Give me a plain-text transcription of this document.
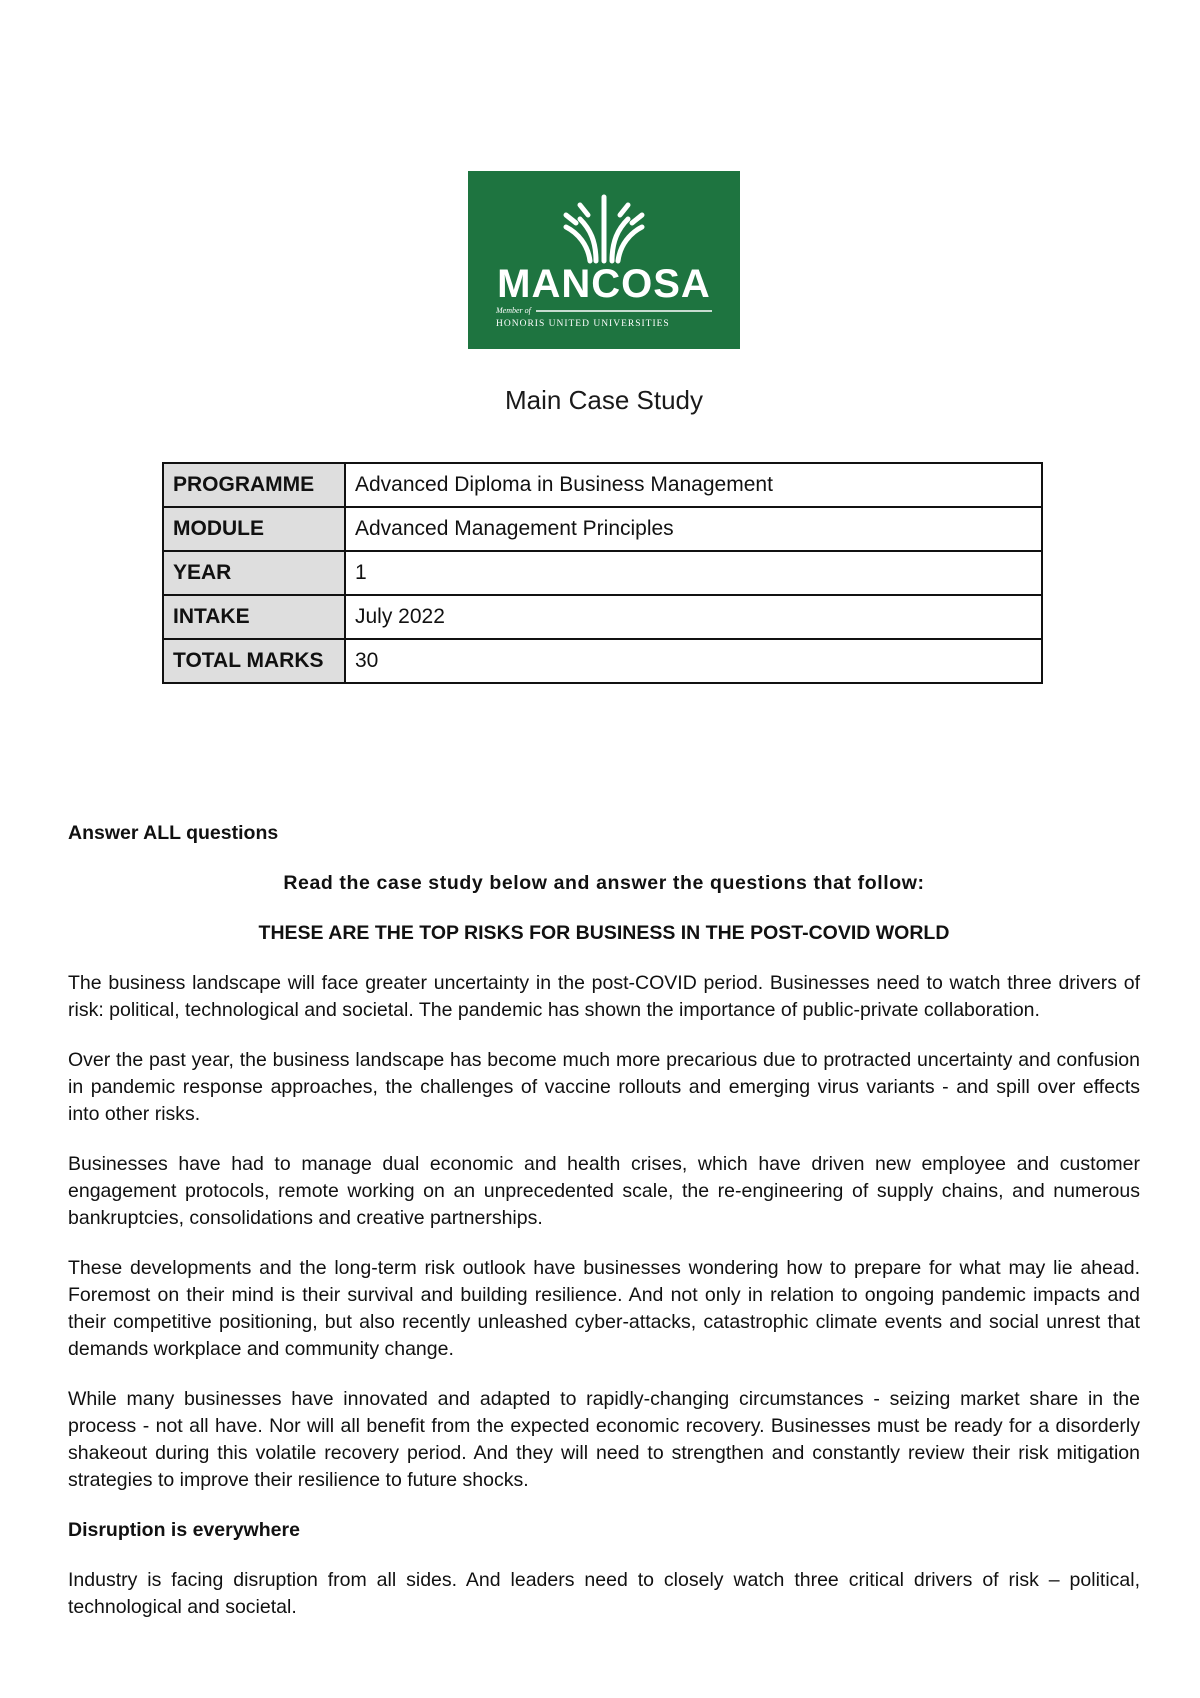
MANCOSA
Member of
HONORIS UNITED UNIVERSITIES
Main Case Study
PROGRAMME	Advanced Diploma in Business Management
MODULE	Advanced Management Principles
YEAR	1
INTAKE	July 2022
TOTAL MARKS	30

Answer ALL questions

Read the case study below and answer the questions that follow:

THESE ARE THE TOP RISKS FOR BUSINESS IN THE POST-COVID WORLD

The business landscape will face greater uncertainty in the post-COVID period. Businesses need to watch three drivers of risk: political, technological and societal. The pandemic has shown the importance of public-private collaboration.

Over the past year, the business landscape has become much more precarious due to protracted uncertainty and confusion in pandemic response approaches, the challenges of vaccine rollouts and emerging virus variants - and spill over effects into other risks.

Businesses have had to manage dual economic and health crises, which have driven new employee and customer engagement protocols, remote working on an unprecedented scale, the re-engineering of supply chains, and numerous bankruptcies, consolidations and creative partnerships.

These developments and the long-term risk outlook have businesses wondering how to prepare for what may lie ahead. Foremost on their mind is their survival and building resilience. And not only in relation to ongoing pandemic impacts and their competitive positioning, but also recently unleashed cyber-attacks, catastrophic climate events and social unrest that demands workplace and community change.

While many businesses have innovated and adapted to rapidly-changing circumstances - seizing market share in the process - not all have. Nor will all benefit from the expected economic recovery. Businesses must be ready for a disorderly shakeout during this volatile recovery period. And they will need to strengthen and constantly review their risk mitigation strategies to improve their resilience to future shocks.

Disruption is everywhere

Industry is facing disruption from all sides. And leaders need to closely watch three critical drivers of risk – political, technological and societal.
